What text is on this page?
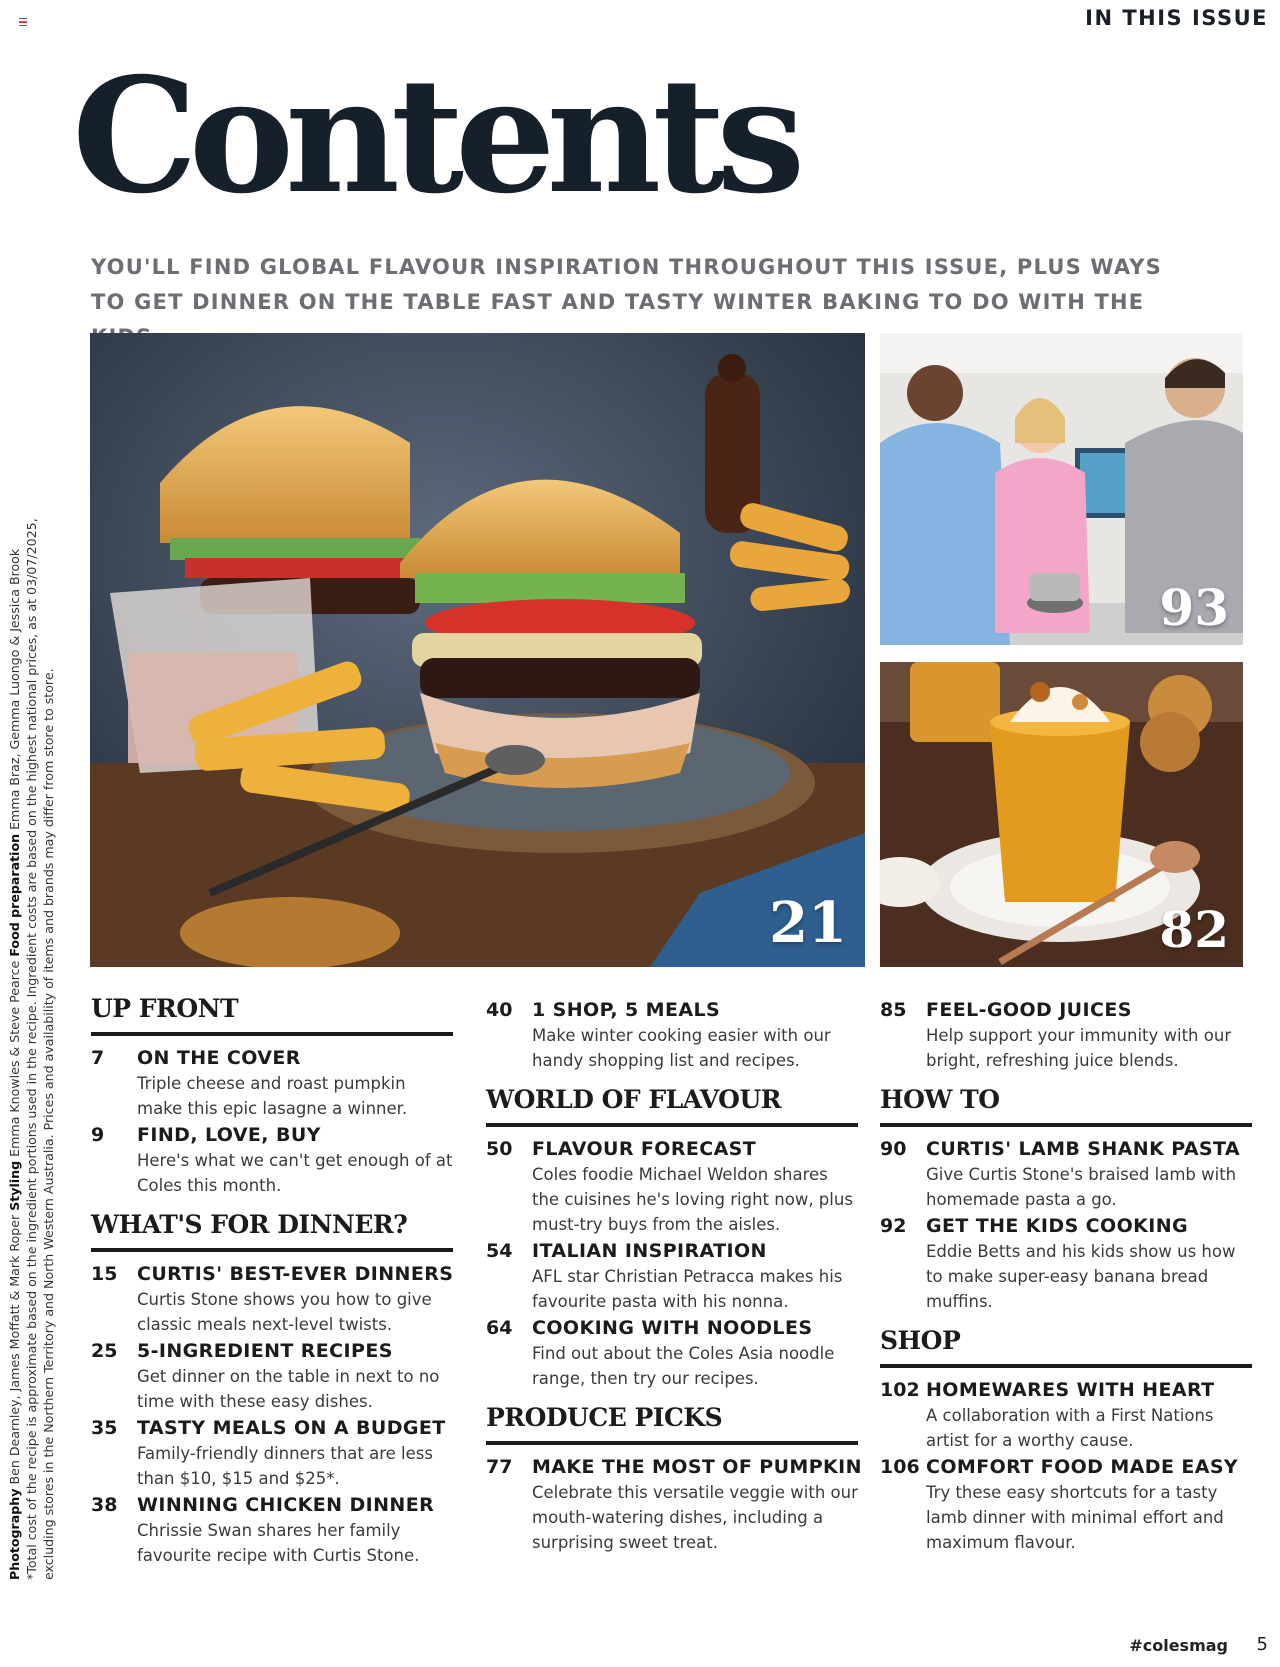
IN THIS ISSUE
Contents

YOU'LL FIND GLOBAL FLAVOUR INSPIRATION THROUGHOUT THIS ISSUE, PLUS WAYS TO GET DINNER ON THE TABLE FAST AND TASTY WINTER BAKING TO DO WITH THE

Photography Ben Dearnley, James Moffatt & Mark Roper Styling Emma Knowles & Steve Pearce Food preparation Emma Braz, Gemma Luongo & Jessica Brook *Total cost of the recipe is approximate based on the ingredient portions used in the recipe. Ingredient costs are based on the highest national prices, as at 03/07/2025, excluding stores in the Northern Territory and North Western Australia. Prices and availability of items and brands may differ from store to store.	21
93
82
UP FRONT
7	ON THE COVER
Triple cheese and roast pumpkin make this epic lasagne a winner.
9	FIND, LOVE, BUY
Here's what we can't get enough of at Coles this month.
WHAT'S FOR DINNER?
15	CURTIS' BEST-EVER DINNERS
Curtis Stone shows you how to give classic meals next-level twists.
25	5-INGREDIENT RECIPES
Get dinner on the table in next to no time with these easy dishes.
35	TASTY MEALS ON A BUDGET
Family-friendly dinners that are less than $10, $15 and $25*.
38	WINNING CHICKEN DINNER
Chrissie Swan shares her family favourite recipe with Curtis Stone.
40	1 SHOP, 5 MEALS
Make winter cooking easier with our handy shopping list and recipes.
WORLD OF FLAVOUR
50	FLAVOUR FORECAST
Coles foodie Michael Weldon shares the cuisines he's loving right now, plus must-try buys from the aisles.
54	ITALIAN INSPIRATION
AFL star Christian Petracca makes his favourite pasta with his nonna.
64	COOKING WITH NOODLES
Find out about the Coles Asia noodle range, then try our recipes.
PRODUCE PICKS
77	MAKE THE MOST OF PUMPKIN
Celebrate this versatile veggie with our mouth-watering dishes, including a surprising sweet treat.
85	FEEL-GOOD JUICES
Help support your immunity with our bright, refreshing juice blends.
HOW TO
90	CURTIS' LAMB SHANK PASTA
Give Curtis Stone's braised lamb with homemade pasta a go.
92	GET THE KIDS COOKING
Eddie Betts and his kids show us how to make super-easy banana bread muffins.
SHOP
102 HOMEWARES WITH HEART
A collaboration with a First Nations artist for a worthy cause.
106 COMFORT FOOD MADE EASY
Try these easy shortcuts for a tasty lamb dinner with minimal effort and maximum flavour.
#colesmag 5
